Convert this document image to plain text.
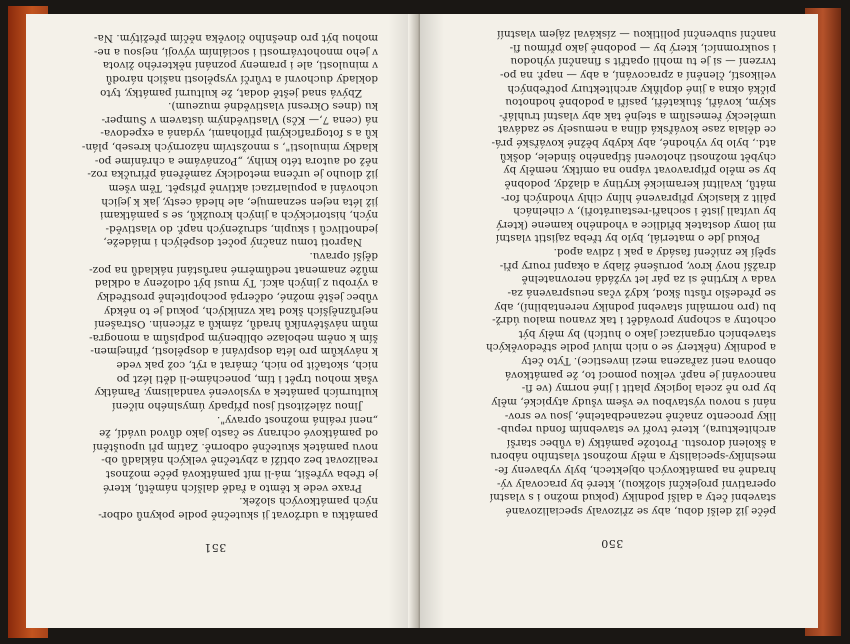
351
památku a udržovat ji skutečně podle pokynů odbor-
ných památkových složek.
Praxe vede k těmto a řadě dalších námětů, které
je třeba vyřešit, má-li mít památková péče možnost
realizovat bez obtíží a zbytečně velkých nákladů ob-
novu památek skutečně odborně. Zatím při upouštění
od památkové ochrany se často jako důvod uvádí, že
„není reálná možnost opravy".
Jinou záležitostí jsou případy úmyslného ničení
kulturních památek a vyslovené vandalismy. Památky
však mohou trpět i tím, ponecháme-li děti lézt po
nich, skotačit po nich, čmárat a rýt, což pak vede
k návykům pro léta dospívání a dospělosti, přinejmen-
ším k oněm nebolaze oblíbeným podpisům a monogra-
mům návštěvníků hradů, zámků a zřícenin. Ostrašení
nejrůznějších škod tak vzniklých, pokud je to někdy
vůbec ještě možné, odčerpá pochopitelně prostředky
a výrobu z jiných akcí. Ty musí být odloženy a odklad
může znamenat nedůměrné narůstání nákladů na poz-
dější opravu.
Naproti tomu značný počet dospělých i mládeže,
jednotlivců i skupin, sdružených např. do vlastivěd-
ných, historických a jiných kroužků, se s památkami
již léta nejen seznamuje, ale hledá cesty, jak k jejich
uchování a popularizaci aktivně přispět. Těm všem
již dlouho je určena metodicky zaměřená příručka roz-
něž od autora této knihy, „Poznáváme a chráníme po-
kladky minulosti", s množstvím názorných kreseb, plán-
ků a s fotografickými přílohami, vydaná a expedova-
ná (cena 7,— Kčs) Vlastivědným ústavem v Šumper-
ku (dnes Okresní vlastivědné muzeum).
Zbývá snad ještě dodat, že kulturní památky, tyto
doklady duchovní a tvůrčí vyspělosti našich národů
v minulosti, ale i prameny poznání některého života
v jeho mnohotvárnosti i sociálním vývoji, nejsou a ne-
mohou být pro dnešního člověka něčím přežitým. Na-
350
péče již delší dobu, aby se zřizovaly specializované
stavební čety a další podniky (pokud možno i s vlastní
operativní projekční složkou), které by pracovaly vý-
hradně na památkových objektech, byly vybaveny fe-
meslníky-specialisty a měly možnost vlastního náboru
a školení dorostu. Protože památky (a vůbec starší
architektura), které tvoří ve stavebním fondu repub-
liky procento značně nezanedbatelné, jsou ve srov-
nání s novou výstavbou ve všem všudy atypické, měly
by pro ně zcela logicky platit i jiné normy (ve fi-
nancování je např. velkou pomocí to, že památková
obnova není zařazena mezi investice). Tyto čety
a podniky (některý se o nich mluví podle středověkých
stavebních organizací jako o hutích) by měly být
ochotny a schopny provádět i tak zvanou malou údrž-
bu (pro normální stavební podniky nerentabilní), aby
se předešlo růstu škod, když včas neuspravená za-
vada v krytině si za pár let vyžádá nerovnatelně
dražší nový krov, porušené žlaby a okapní roury při-
spějí ke zničení fasády a pak i zdiva apod.
Pokud jde o materiál, bylo by třeba zajistit vlastní
mi lomy dostatek břidlice a vhodného kamene (který
by uvítali jistě i sochaři-restaurátoři), v cihelnách
pálit z klasicky připravené hlíny cihly vhodných for-
mátů, kvalitní keramické krytiny a dlaždy, podobně
by se mělo připravovat vápno na omítky, neměly by
chybět možnosti zhotovení štípaného šindele, došků
atd., bylo by výhodné, aby kdyby běžné kovářské prá-
ce dělala zase kovářská dílna a nemusely se zadávat
umělecký řemeslům a stejně tak aby vlastní truhlář-
ským, kováři, štukatéři, pasíři a podobně hodnotou
pičká okna a jiné doplňky architektury potřebných
velikostí, členění a zpracování, a aby — např. na po-
tvrzení — si je tu mohli opatřit s finanční výhodou
i soukromníci, který by — podobně jako přímou fi-
nanční subvenční politikou — získával zájem vlastníí
